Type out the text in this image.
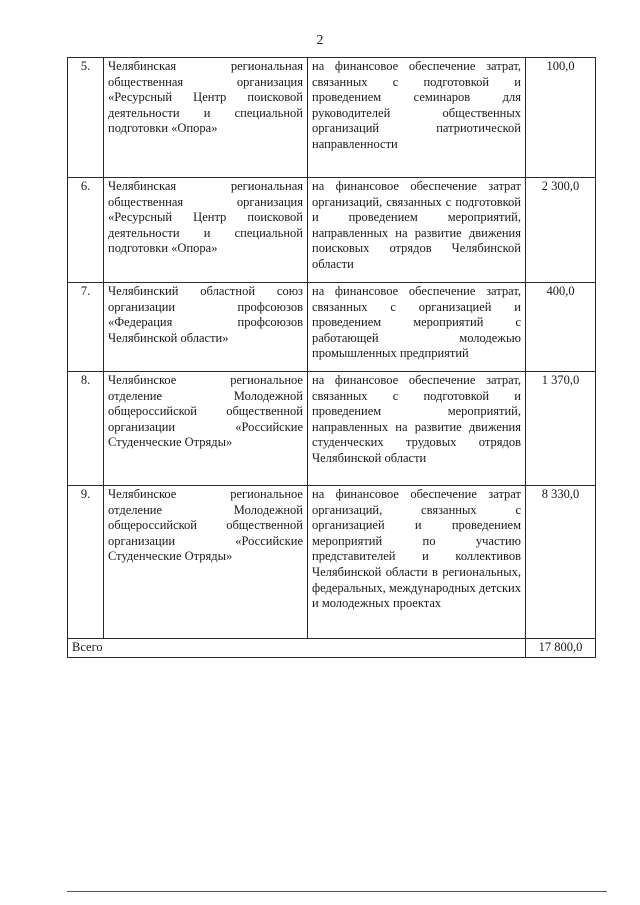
2
5.	Челябинская региональная общественная организация «Ресурсный Центр поисковой деятельности и специальной подготовки «Опора»	на финансовое обеспечение затрат, связанных с подготовкой и проведением семинаров для руководителей общественных организаций патриотической направленности	100,0
6.	Челябинская региональная общественная организация «Ресурсный Центр поисковой деятельности и специальной подготовки «Опора»	на финансовое обеспечение затрат организаций, связанных с подготовкой и проведением мероприятий, направленных на развитие движения поисковых отрядов Челябинской области	2 300,0
7.	Челябинский областной союз организации профсоюзов «Федерация профсоюзов Челябинской области»	на финансовое обеспечение затрат, связанных с организацией и проведением мероприятий с работающей молодежью промышленных предприятий	400,0
8.	Челябинское региональное отделение Молодежной общероссийской общественной организации «Российские Студенческие Отряды»	на финансовое обеспечение затрат, связанных с подготовкой и проведением мероприятий, направленных на развитие движения студенческих трудовых отрядов Челябинской области	1 370,0
9.	Челябинское региональное отделение Молодежной общероссийской общественной организации «Российские Студенческие Отряды»	на финансовое обеспечение затрат организаций, связанных с организацией и проведением мероприятий по участию представителей и коллективов Челябинской области в региональных, федеральных, международных детских и молодежных проектах	8 330,0
Всего			17 800,0
